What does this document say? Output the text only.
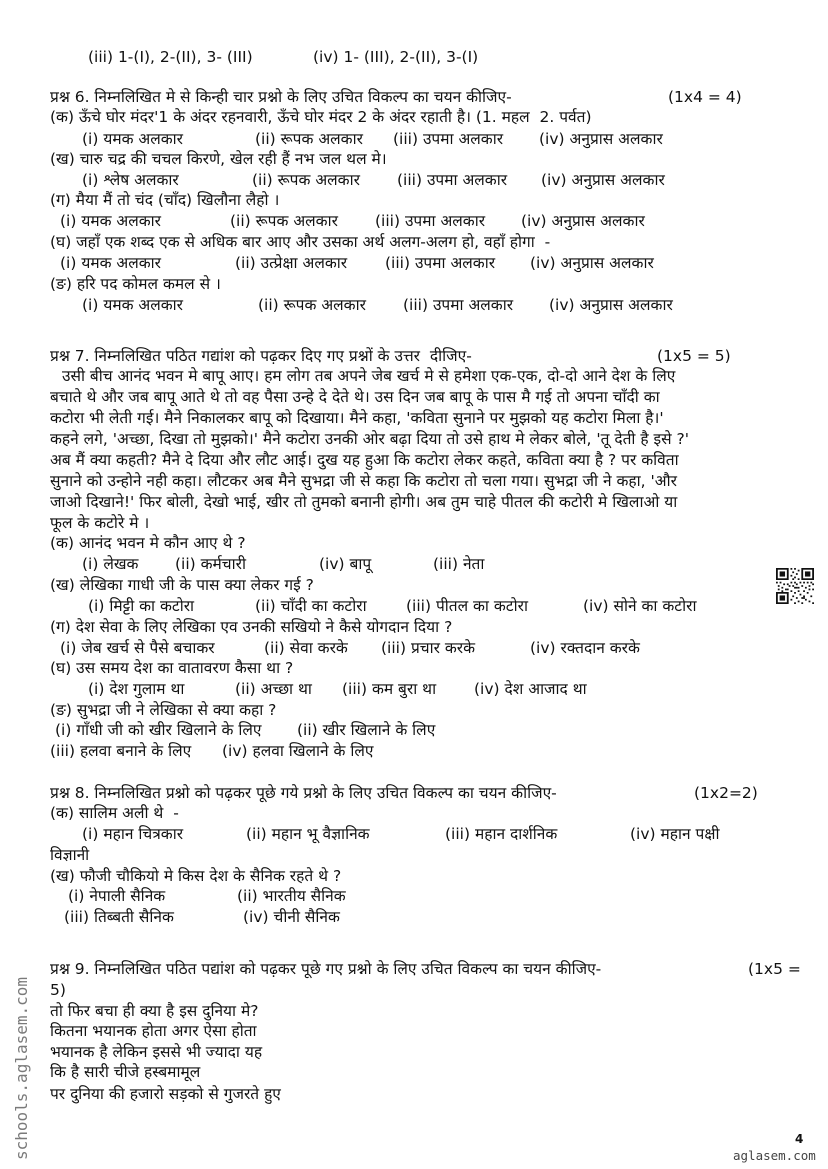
(iii) 1-(I), 2-(II), 3- (III)	(iv) 1- (III), 2-(II), 3-(I)
प्रश्न 6. निम्नलिखित मे से किन्ही चार प्रश्नो के लिए उचित विकल्प का चयन कीजिए-	(1x4 = 4)
(क) ऊँचे घोर मंदर'1 के अंदर रहनवारी, ऊँचे घोर मंदर 2 के अंदर रहाती है। (1. महल  2. पर्वत)
(i) यमक अलकार	(ii) रूपक अलकार (iii) उपमा अलकार (iv) अनुप्रास अलकार
(ख) चारु चद्र की चचल किरणे, खेल रही हैं नभ जल थल मे।
(i) श्लेष अलकार	(ii) रूपक अलकार (iii) उपमा अलकार (iv) अनुप्रास अलकार
(ग) मैया मैं तो चंद (चाँद) खिलौना लैहो ।
(i) यमक अलकार	(ii) रूपक अलकार (iii) उपमा अलकार (iv) अनुप्रास अलकार
(घ) जहाँ एक शब्द एक से अधिक बार आए और उसका अर्थ अलग-अलग हो, वहाँ होगा  -
(i) यमक अलकार	(ii) उत्प्रेक्षा अलकार (iii) उपमा अलकार (iv) अनुप्रास अलकार
(ङ) हरि पद कोमल कमल से ।
(i) यमक अलकार	(ii) रूपक अलकार (iii) उपमा अलकार (iv) अनुप्रास अलकार
प्रश्न 7. निम्नलिखित पठित गद्यांश को पढ़कर दिए गए प्रश्नों के उत्तर  दीजिए-	(1x5 = 5)
उसी बीच आनंद भवन मे बापू आए। हम लोग तब अपने जेब खर्च मे से हमेशा एक-एक, दो-दो आने देश के लिए
बचाते थे और जब बापू आते थे तो वह पैसा उन्हे दे देते थे। उस दिन जब बापू के पास मै गई तो अपना चाँदी का
कटोरा भी लेती गई। मैने निकालकर बापू को दिखाया। मैने कहा, 'कविता सुनाने पर मुझको यह कटोरा मिला है।'
कहने लगे, 'अच्छा, दिखा तो मुझको।' मैने कटोरा उनकी ओर बढ़ा दिया तो उसे हाथ मे लेकर बोले, 'तू देती है इसे ?'
अब मैं क्या कहती? मैने दे दिया और लौट आई। दुख यह हुआ कि कटोरा लेकर कहते, कविता क्या है ? पर कविता
सुनाने को उन्होने नही कहा। लौटकर अब मैने सुभद्रा जी से कहा कि कटोरा तो चला गया। सुभद्रा जी ने कहा, 'और
जाओ दिखाने!' फिर बोली, देखो भाई, खीर तो तुमको बनानी होगी। अब तुम चाहे पीतल की कटोरी मे खिलाओ या
फूल के कटोरे मे ।
(क) आनंद भवन मे कौन आए थे ?
(i) लेखक (ii) कर्मचारी	(iv) बापू	(iii) नेता
(ख) लेखिका गाधी जी के पास क्या लेकर गई ?
(i) मिट्टी का कटोरा	(ii) चाँदी का कटोरा	(iii) पीतल का कटोरा	(iv) सोने का कटोरा
(ग) देश सेवा के लिए लेखिका एव उनकी सखियो ने कैसे योगदान दिया ?
(i) जेब खर्च से पैसे बचाकर	(ii) सेवा करके (iii) प्रचार करके	(iv) रक्तदान करके
(घ) उस समय देश का वातावरण कैसा था ?
(i) देश गुलाम था	(ii) अच्छा था (iii) कम बुरा था (iv) देश आजाद था
(ङ) सुभद्रा जी ने लेखिका से क्या कहा ?
(i) गाँधी जी को खीर खिलाने के लिए (ii) खीर खिलाने के लिए
(iii) हलवा बनाने के लिए (iv) हलवा खिलाने के लिए
प्रश्न 8. निम्नलिखित प्रश्नो को पढ़कर पूछे गये प्रश्नो के लिए उचित विकल्प का चयन कीजिए-	(1x2=2)
(क) सालिम अली थे  -
(i) महान चित्रकार	(ii) महान भू वैज्ञानिक	(iii) महान दार्शनिक	(iv) महान पक्षी
विज्ञानी
(ख) फौजी चौकियो मे किस देश के सैनिक रहते थे ?
(i) नेपाली सैनिक	(ii) भारतीय सैनिक
(iii) तिब्बती सैनिक	(iv) चीनी सैनिक
प्रश्न 9. निम्नलिखित पठित पद्यांश को पढ़कर पूछे गए प्रश्नो के लिए उचित विकल्प का चयन कीजिए-	(1x5 =
5)
तो फिर बचा ही क्या है इस दुनिया मे?
कितना भयानक होता अगर ऐसा होता
भयानक है लेकिन इससे भी ज्यादा यह
कि है सारी चीजे हस्बमामूल
पर दुनिया की हजारो सड़को से गुजरते हुए
schools.aglasem.com	4
aglasem.com
